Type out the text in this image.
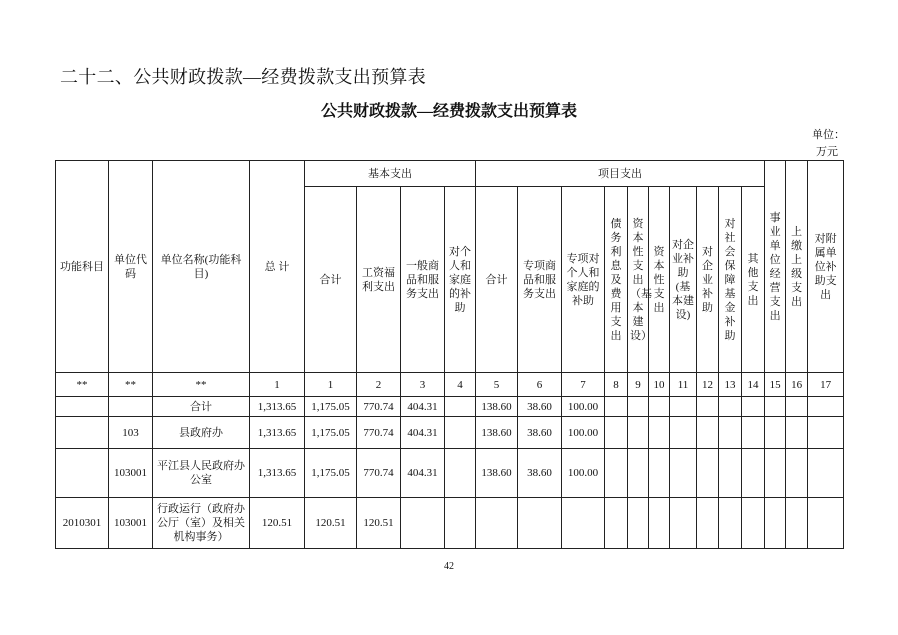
二十二、公共财政拨款—经费拨款支出预算表
公共财政拨款—经费拨款支出预算表
单位：
万元
功能科目	单位代码	单位名称(功能科目)	总 计	基本支出				项目支出										事业单位经营支出	上缴上级支出	对附属单位补助支出
				合计	工资福利支出	一般商品和服务支出	对个人和家庭的补助	合计	专项商品和服务支出	专项对个人和家庭的补助	债务利息及费用支出	资本性支出（基本建设）	资本性支出	对企业补助(基本建设)	对企业补助	对社会保障基金补助	其他支出			
**	**	**	1	1	2	3	4	5	6	7	8	9	10	11	12	13	14	15	16	17
		合计	1,313.65	1,175.05	770.74	404.31		138.60	38.60	100.00										
	103	县政府办	1,313.65	1,175.05	770.74	404.31		138.60	38.60	100.00										
	103001	平江县人民政府办公室	1,313.65	1,175.05	770.74	404.31		138.60	38.60	100.00										
2010301	103001	行政运行（政府办公厅（室）及相关机构事务）	120.51	120.51	120.51															
42
